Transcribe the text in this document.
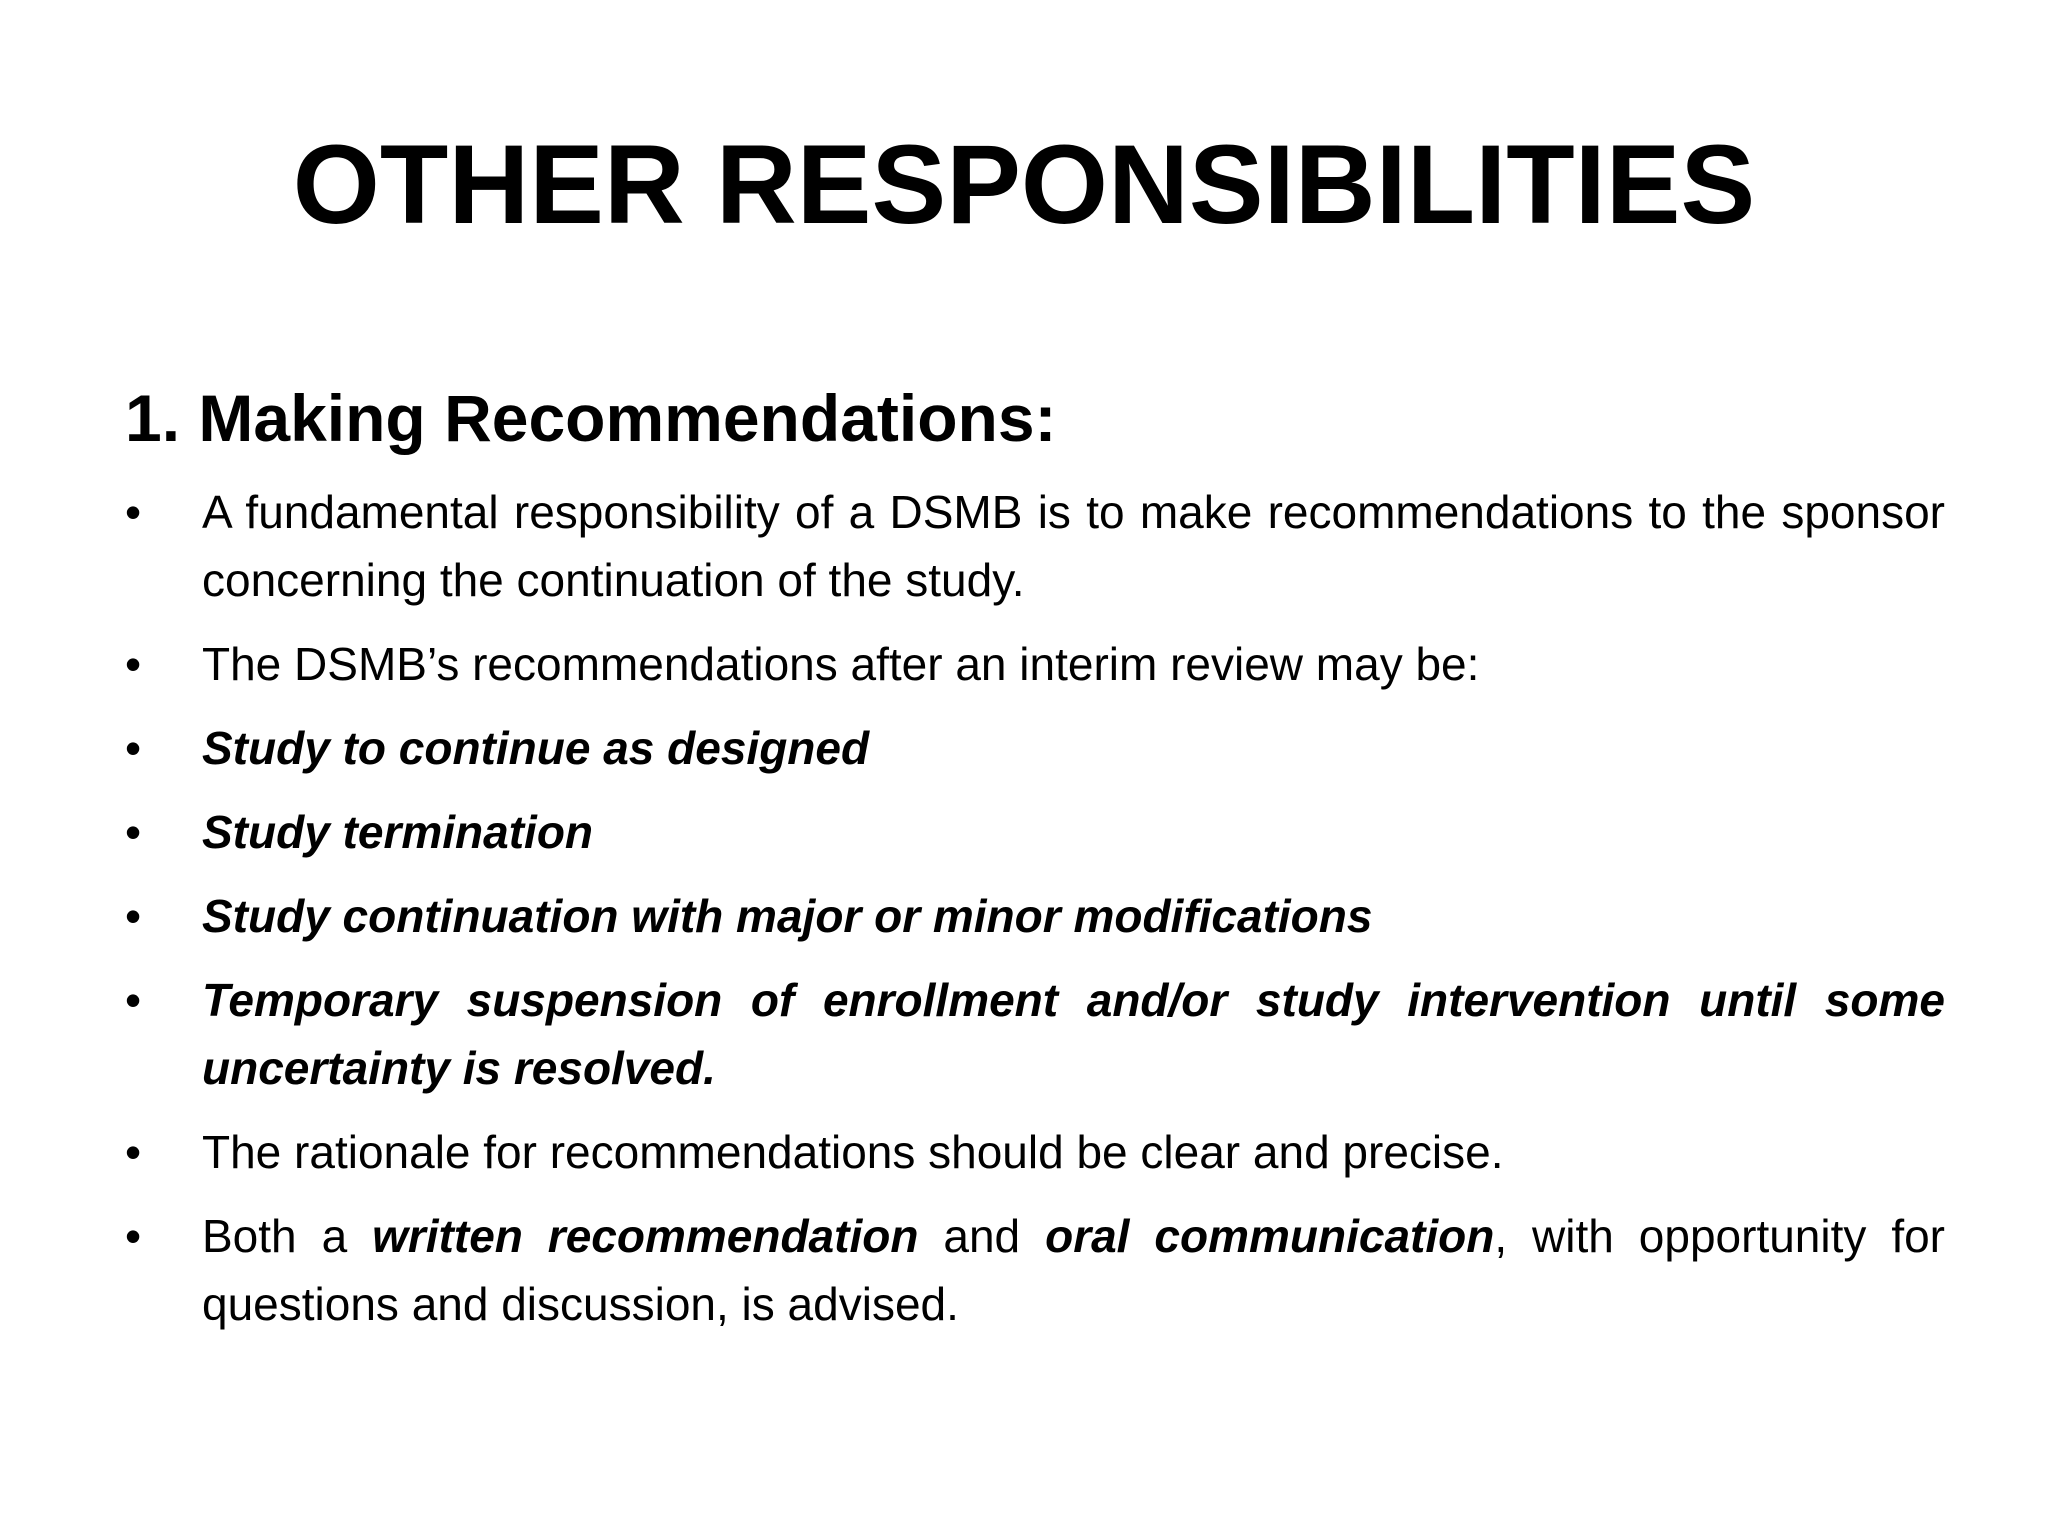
OTHER RESPONSIBILITIES
1. Making Recommendations:
•	A fundamental responsibility of a DSMB is to make recommendations to the sponsor concerning the continuation of the study.
•	The DSMB’s recommendations after an interim review may be:
•	Study to continue as designed
•	Study termination
•	Study continuation with major or minor modifications
•	Temporary suspension of enrollment and/or study intervention until some uncertainty is resolved.
•	The rationale for recommendations should be clear and precise.
•	Both a written recommendation and oral communication, with opportunity for questions and discussion, is advised.
